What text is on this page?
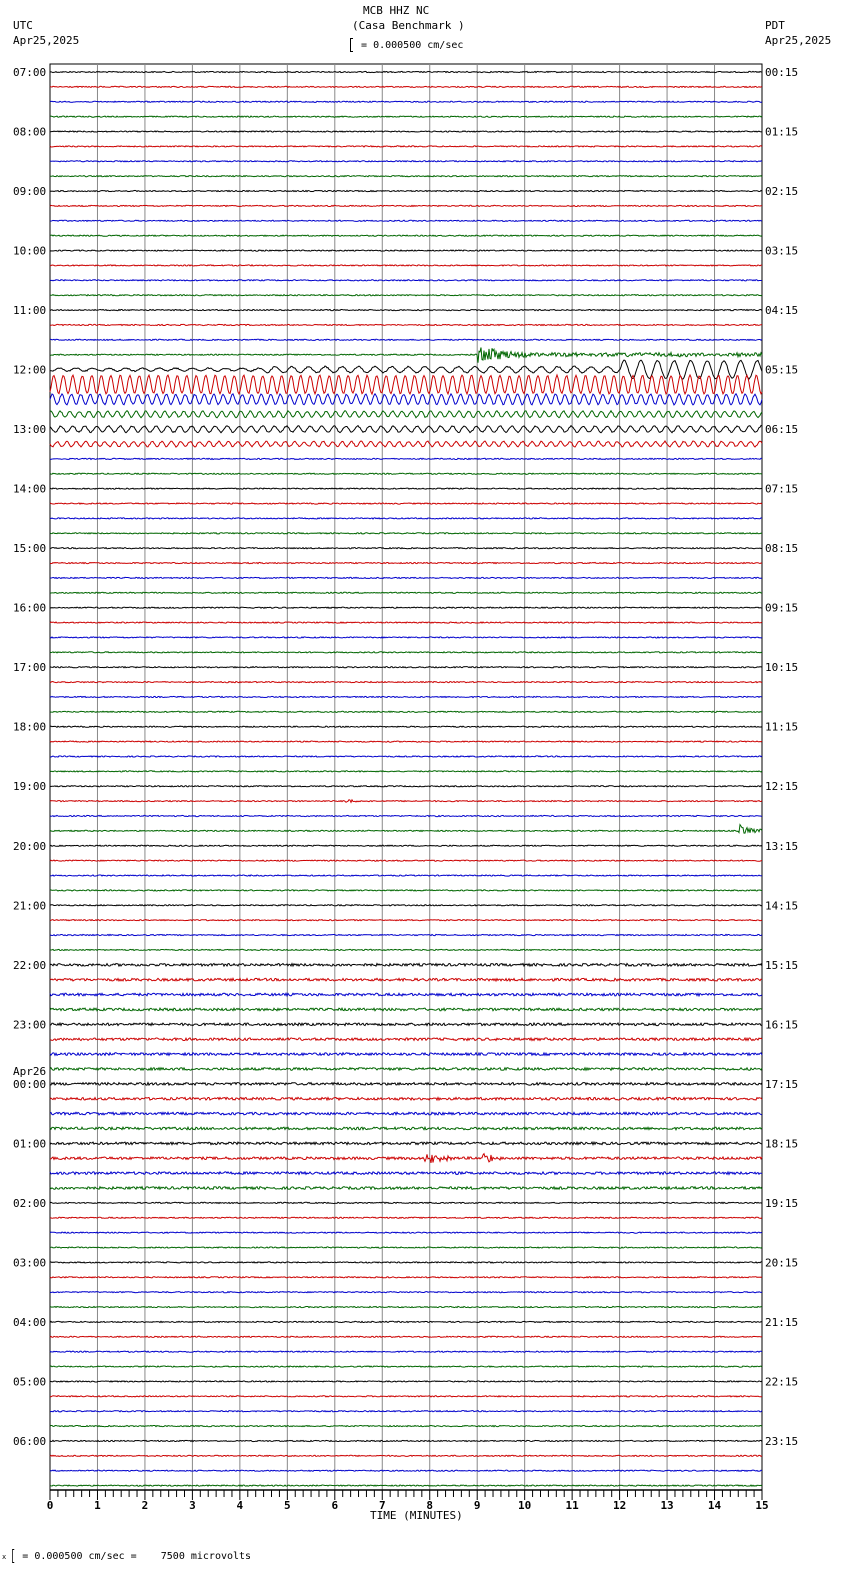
MCB HHZ NC
(Casa Benchmark )
UTC
Apr25,2025
PDT
Apr25,2025
= 0.000500 cm/sec
07:00
08:00
09:00
10:00
11:00
12:00
13:00
14:00
15:00
16:00
17:00
18:00
19:00
20:00
21:00
22:00
23:00
00:00
Apr26
01:00
02:00
03:00
04:00
05:00
06:00
00:15
01:15
02:15
03:15
04:15
05:15
06:15
07:15
08:15
09:15
10:15
11:15
12:15
13:15
14:15
15:15
16:15
17:15
18:15
19:15
20:15
21:15
22:15
23:15
0	1	2	3	4	5	6	7	8	9	10	11	12	13	14	15
TIME (MINUTES)
x = 0.000500 cm/sec =    7500 microvolts
